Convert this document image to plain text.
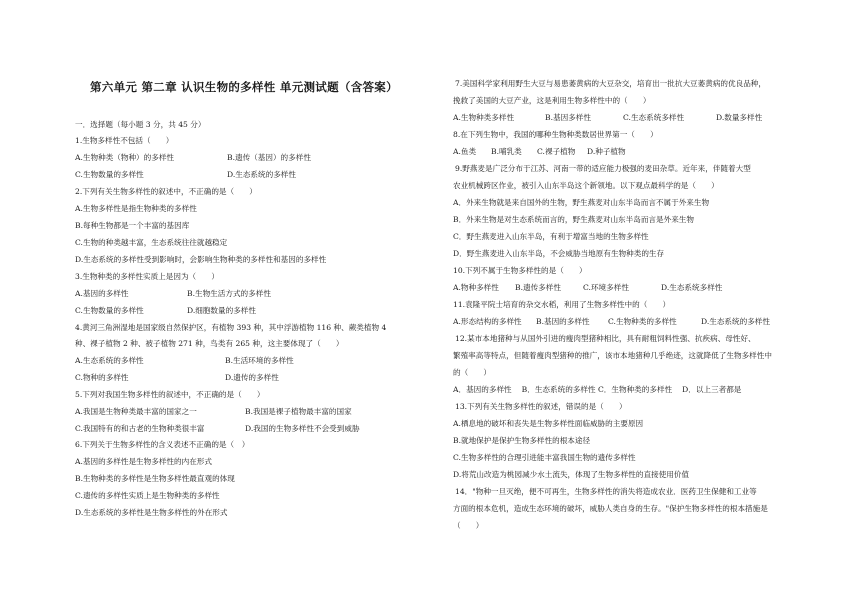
第六单元 第二章 认识生物的多样性 单元测试题（含答案）
一．选择题（每小题 3 分，共 45 分）
1.生物多样性不包括（　　）
A.生物种类（物种）的多样性	B.遗传（基因）的多样性
C.生物数量的多样性	D.生态系统的多样性
2.下列有关生物多样性的叙述中，不正确的是（　　）
A.生物多样性是指生物种类的多样性
B.每种生物都是一个丰富的基因库
C.生物的种类越丰富，生态系统往往就越稳定
D.生态系统的多样性受到影响时，会影响生物种类的多样性和基因的多样性
3.生物种类的多样性实质上是因为（　　）
A.基因的多样性	B.生物生活方式的多样性
C.生物数量的多样性	D.细胞数量的多样性
4.黄河三角洲湿地是国家级自然保护区，有植物 393 种，其中浮游植物 116 种、蕨类植物 4
种、裸子植物 2 种、被子植物 271 种，鸟类有 265 种，这主要体现了（　　）
A.生态系统的多样性	B.生活环境的多样性
C.物种的多样性	D.遗传的多样性
5.下列对我国生物多样性的叙述中，不正确的是（　　）
A.我国是生物种类最丰富的国家之一	B.我国是裸子植物最丰富的国家
C.我国特有的和古老的生物种类很丰富	D.我国的生物多样性不会受到威胁
6.下列关于生物多样性的含义表述不正确的是（　）
A.基因的多样性是生物多样性的内在形式
B.生物种类的多样性是生物多样性最直观的体现
C.遗传的多样性实质上是生物种类的多样性
D.生态系统的多样性是生物多样性的外在形式
7.美国科学家利用野生大豆与易患萎黄病的大豆杂交，培育出一批抗大豆萎黄病的优良品种，
挽救了美国的大豆产业，这是利用生物多样性中的（　　）
A.生物种类多样性	B.基因多样性	C.生态系统多样性	D.数量多样性
8.在下列生物中，我国的哪种生物种类数居世界第一（　　）
A.鱼类 B.哺乳类 C.裸子植物 D.种子植物
9.野燕麦是广泛分布于江苏、河南一带的适应能力极强的麦田杂草。近年来，伴随着大型
农业机械跨区作业，被引入山东半岛这个新领地。以下观点最科学的是（　　）
A．外来生物就是来自国外的生物，野生燕麦对山东半岛而言不属于外来生物
B．外来生物是对生态系统而言的，野生燕麦对山东半岛而言是外来生物
C．野生燕麦进入山东半岛，有利于增富当地的生物多样性
D．野生燕麦进入山东半岛，不会威胁当地原有生物种类的生存
10.下列不属于生物多样性的是（　　）
A.物种多样性 B.遗传多样性	C.环境多样性	D.生态系统多样性
11.袁隆平院士培育的杂交水稻，利用了生物多样性中的（　　）
A.形态结构的多样性 B.基因的多样性 C.生物种类的多样性	D.生态系统的多样性
12.某市本地猪种与从国外引进的瘦肉型猪种相比，具有耐粗饲料性强、抗疾病、母性好、
繁殖率高等特点，但随着瘦肉型猪种的推广，该市本地猪种几乎绝迹，这就降低了生物多样性中
的（　　）
A．基因的多样性　 B．生态系统的多样性 C．生物种类的多样性　 D．以上三者都是
13.下列有关生物多样性的叙述，错误的是（　　）
A.栖息地的破坏和丧失是生物多样性面临威胁的主要原因
B.就地保护是保护生物多样性的根本途径
C.生物多样性的合理引进能丰富我国生物的遗传多样性
D.将荒山改造为桃园减少水土流失，体现了生物多样性的直接使用价值
14．"物种一旦灭绝，便不可再生，生物多样性的消失将造成农业．医药卫生保健和工业等
方面的根本危机，造成生态环境的破坏，威胁人类自身的生存。"保护生物多样性的根本措施是
（　　）
